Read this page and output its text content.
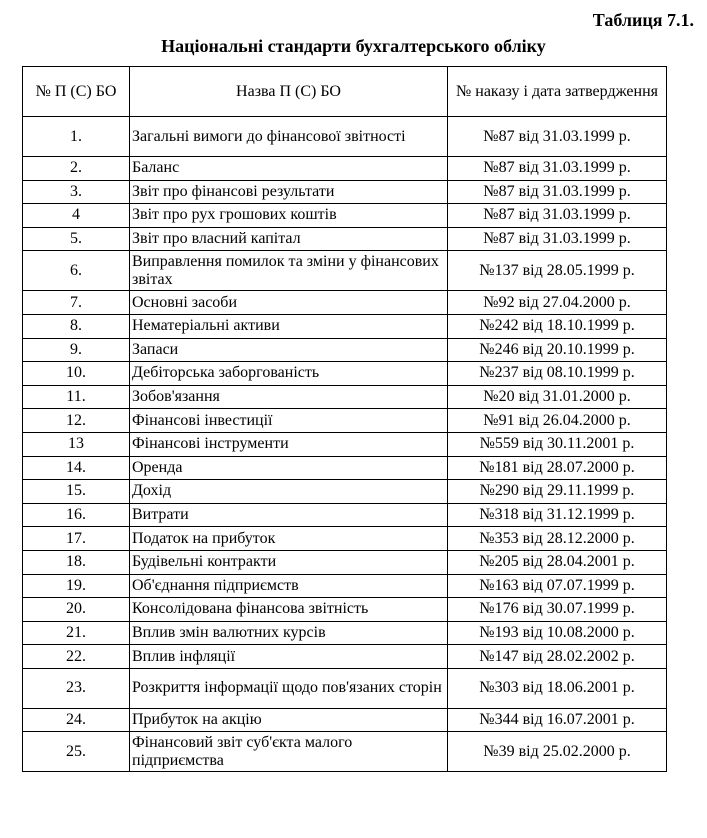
Таблиця 7.1.
Національні стандарти бухгалтерського обліку
№ П (С) БО	Назва П (С) БО	№ наказу і дата затвердження
1.	Загальні вимоги до фінансової звітності	№87 від 31.03.1999 р.
2.	Баланс	№87 від 31.03.1999 р.
3.	Звіт про фінансові результати	№87 від 31.03.1999 р.
4	Звіт про рух грошових коштів	№87 від 31.03.1999 р.
5.	Звіт про власний капітал	№87 від 31.03.1999 р.
6.	Виправлення помилок та зміни у фінансових звітах	№137 від 28.05.1999 р.
7.	Основні засоби	№92 від 27.04.2000 р.
8.	Нематеріальні активи	№242 від 18.10.1999 р.
9.	Запаси	№246 від 20.10.1999 р.
10.	Дебіторська заборгованість	№237 від 08.10.1999 р.
11.	Зобов'язання	№20 від 31.01.2000 р.
12.	Фінансові інвестиції	№91 від 26.04.2000 р.
13	Фінансові інструменти	№559 від 30.11.2001 р.
14.	Оренда	№181 від 28.07.2000 р.
15.	Дохід	№290 від 29.11.1999 р.
16.	Витрати	№318 від 31.12.1999 р.
17.	Податок на прибуток	№353 від 28.12.2000 р.
18.	Будівельні контракти	№205 від 28.04.2001 р.
19.	Об'єднання підприємств	№163 від 07.07.1999 р.
20.	Консолідована фінансова звітність	№176 від 30.07.1999 р.
21.	Вплив змін валютних курсів	№193 від 10.08.2000 р.
22.	Вплив інфляції	№147 від 28.02.2002 р.
23.	Розкриття інформації щодо пов'язаних сторін	№303 від 18.06.2001 р.
24.	Прибуток на акцію	№344 від 16.07.2001 р.
25.	Фінансовий звіт суб'єкта малого підприємства	№39 від 25.02.2000 р.
